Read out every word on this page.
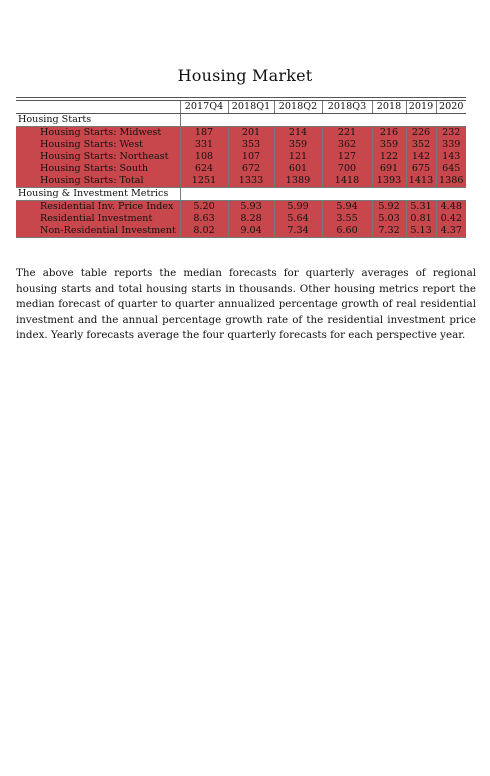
Housing Market

	2017Q4	2018Q1	2018Q2	2018Q3	2018	2019	2020
Housing Starts							
Housing Starts: Midwest	187	201	214	221	216	226	232
Housing Starts: West	331	353	359	362	359	352	339
Housing Starts: Northeast	108	107	121	127	122	142	143
Housing Starts: South	624	672	601	700	691	675	645
Housing Starts: Total	1251	1333	1389	1418	1393	1413	1386
Housing & Investment Metrics							
Residential Inv. Price Index	5.20	5.93	5.99	5.94	5.92	5.31	4.48
Residential Investment	8.63	8.28	5.64	3.55	5.03	0.81	0.42
Non-Residential Investment	8.02	9.04	7.34	6.60	7.32	5.13	4.37
The above table reports the median forecasts for quarterly averages of regional housing starts and total housing starts in thousands. Other housing metrics report the median forecast of quarter to quarter annualized percentage growth of real residential investment and the annual percentage growth rate of the residential investment price index. Yearly forecasts average the four quarterly forecasts for each perspective year.
